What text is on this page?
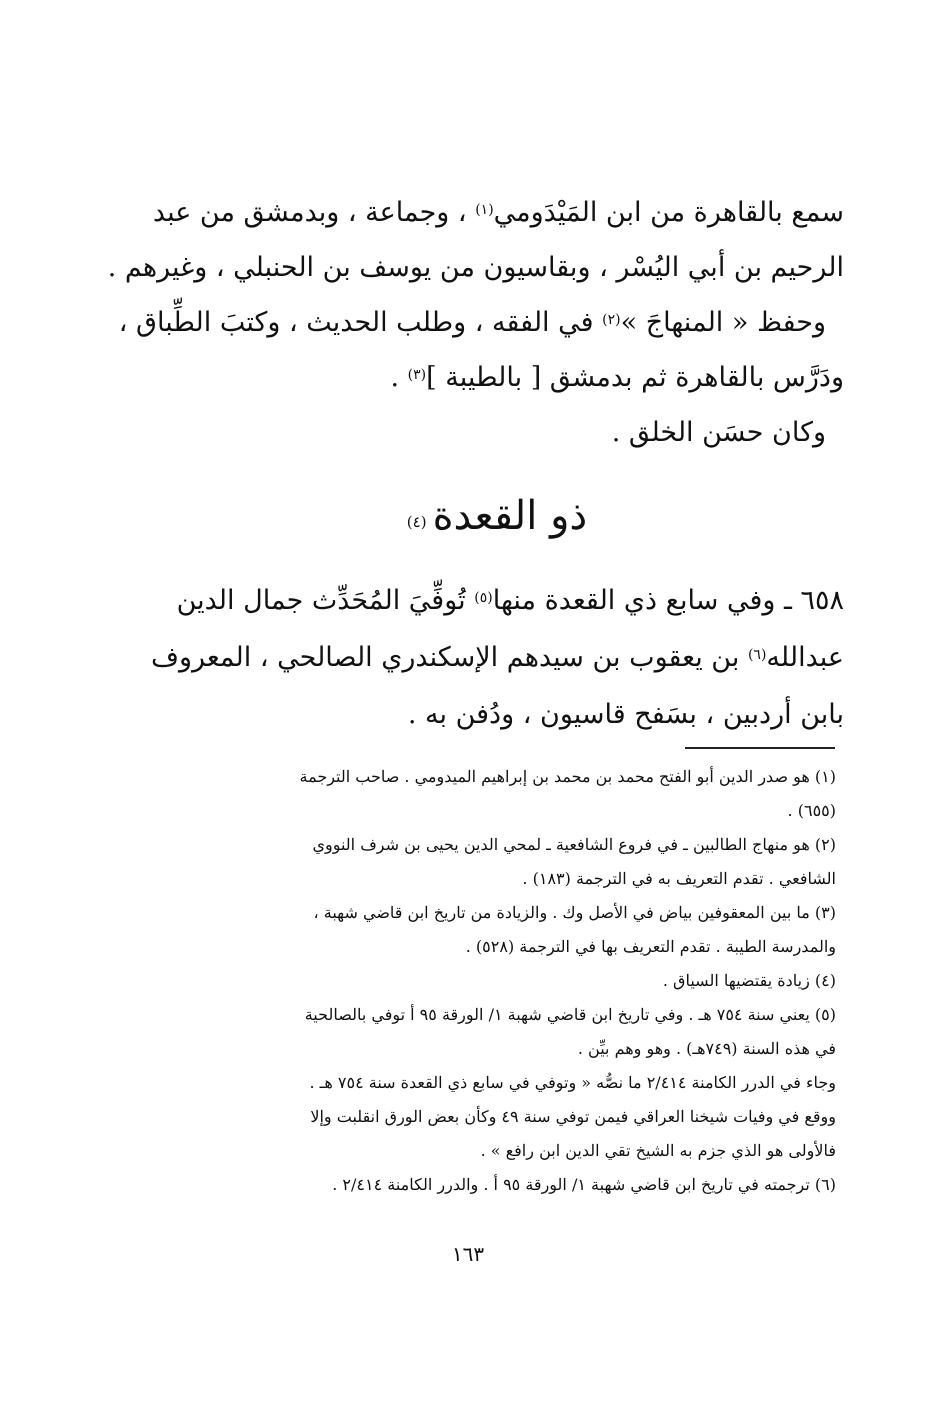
سمع بالقاهرة من ابن المَيْدَومي$^{(١)}$ ، وجماعة ، وبدمشق من عبد

الرحيم بن أبي اليُسْر ، وبقاسيون من يوسف بن الحنبلي ، وغيرهم .

وحفظ « المنهاجَ »$^{(٢)}$ في الفقه ، وطلب الحديث ، وكتبَ الطِّباق ،

ودَرَّس بالقاهرة ثم بدمشق [ بالطيبة ]$^{(٣)}$ .

وكان حسَن الخلق .

ذو القعدة$^{(٤)}$

٦٥٨ ـ وفي سابع ذي القعدة منها$^{(٥)}$ تُوفِّيَ المُحَدِّث جمال الدين

عبدالله$^{(٦)}$ بن يعقوب بن سيدهم الإسكندري الصالحي ، المعروف

بابن أردبين ، بسَفح قاسيون ، ودُفن به .

(١) هو صدر الدين أبو الفتح محمد بن محمد بن إبراهيم الميدومي . صاحب الترجمة

(٦٥٥) .

(٢) هو منهاج الطالبين ـ في فروع الشافعية ـ لمحي الدين يحيى بن شرف النووي

الشافعي . تقدم التعريف به في الترجمة (١٨٣) .

(٣) ما بين المعقوفين بياض في الأصل وك . والزيادة من تاريخ ابن قاضي شهبة ،

والمدرسة الطيبة . تقدم التعريف بها في الترجمة (٥٢٨) .

(٤) زيادة يقتضيها السياق .

(٥) يعني سنة ٧٥٤ هـ . وفي تاريخ ابن قاضي شهبة ١/ الورقة ٩٥ أ توفي بالصالحية

في هذه السنة (٧٤٩هـ) . وهو وهم بيِّن .

وجاء في الدرر الكامنة ٢/٤١٤ ما نصُّه « وتوفي في سابع ذي القعدة سنة ٧٥٤ هـ .

ووقع في وفيات شيخنا العراقي فيمن توفي سنة ٤٩ وكأن بعض الورق انقلبت وإلا

فالأولى هو الذي جزم به الشيخ تقي الدين ابن رافع » .

(٦) ترجمته في تاريخ ابن قاضي شهبة ١/ الورقة ٩٥ أ . والدرر الكامنة ٢/٤١٤ .

١٦٣
